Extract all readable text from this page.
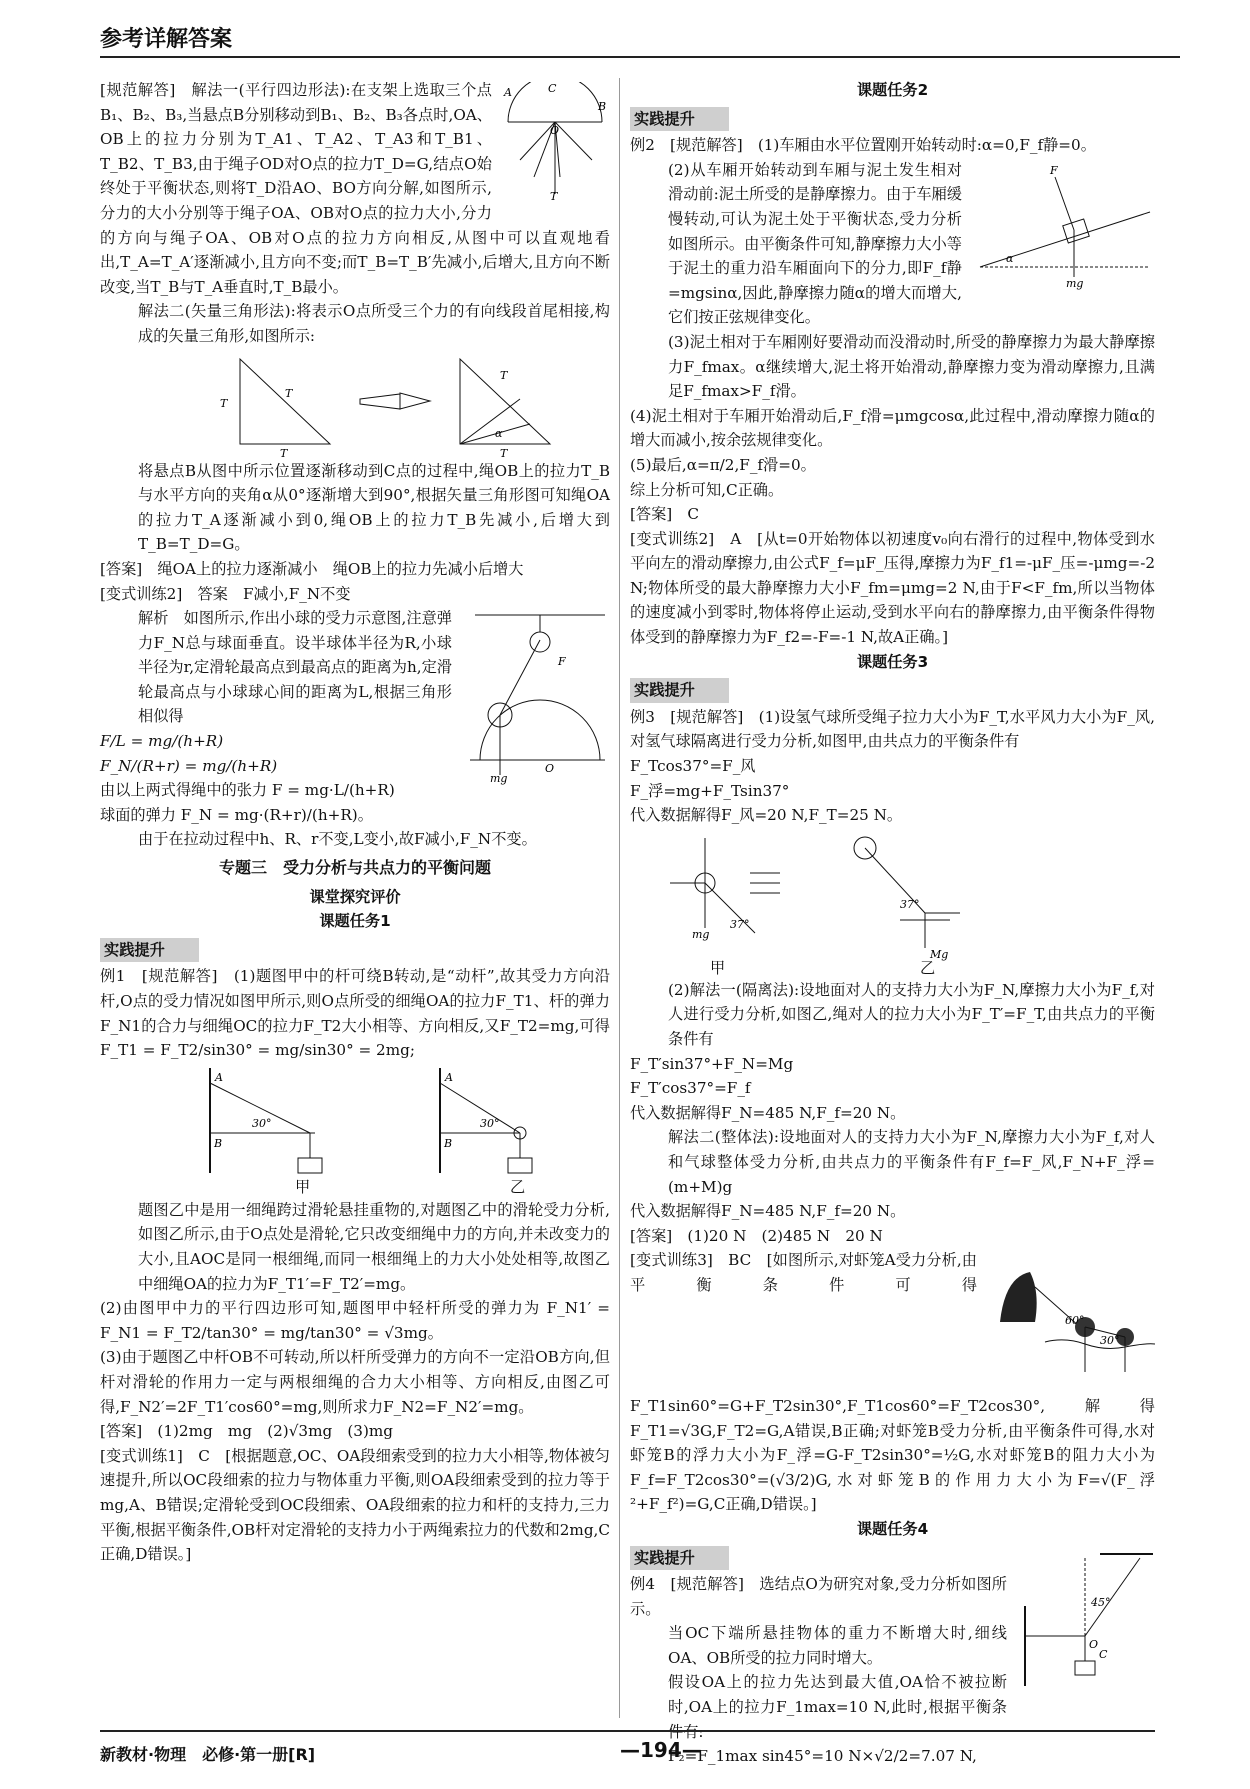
参考详解答案
A	C
B
O
T

[规范解答]　解法一(平行四边形法):在支架上选取三个点B₁、B₂、B₃,当悬点B分别移动到B₁、B₂、B₃各点时,OA、OB上的拉力分别为T_A1、T_A2、T_A3和T_B1、T_B2、T_B3,由于绳子OD对O点的拉力T_D=G,结点O始终处于平衡状态,则将T_D沿AO、BO方向分解,如图所示,分力的大小分别等于绳子OA、OB对O点的拉力大小,分力的方向与绳子OA、OB对O点的拉力方向相反,从图中可以直观地看出,T_A=T_A′逐渐减小,且方向不变;而T_B=T_B′先减小,后增大,且方向不断改变,当T_B与T_A垂直时,T_B最小。

解法二(矢量三角形法):将表示O点所受三个力的有向线段首尾相接,构成的矢量三角形,如图所示:

T
T
T
T
T
α

将悬点B从图中所示位置逐渐移动到C点的过程中,绳OB上的拉力T_B与水平方向的夹角α从0°逐渐增大到90°,根据矢量三角形图可知绳OA的拉力T_A逐渐减小到0,绳OB上的拉力T_B先减小,后增大到T_B=T_D=G。

[答案]　绳OA上的拉力逐渐减小　绳OB上的拉力先减小后增大

[变式训练2]　答案　F减小,F_N不变

mg
O
F

解析　如图所示,作出小球的受力示意图,注意弹力F_N总与球面垂直。设半球体半径为R,小球半径为r,定滑轮最高点到最高点的距离为h,定滑轮最高点与小球球心间的距离为L,根据三角形相似得

F/L = mg/(h+R)

F_N/(R+r) = mg/(h+R)

由以上两式得绳中的张力 F = mg·L/(h+R)

球面的弹力 F_N = mg·(R+r)/(h+R)。

由于在拉动过程中h、R、r不变,L变小,故F减小,F_N不变。

专题三　受力分析与共点力的平衡问题

课堂探究评价

课题任务1

实践提升

例1　[规范解答]　(1)题图甲中的杆可绕B转动,是“动杆”,故其受力方向沿杆,O点的受力情况如图甲所示,则O点所受的细绳OA的拉力F_T1、杆的弹力F_N1的合力与细绳OC的拉力F_T2大小相等、方向相反,又F_T2=mg,可得 F_T1 = F_T2/sin30° = mg/sin30° = 2mg;

A
B
30°
A
B
30°
甲	乙

题图乙中是用一细绳跨过滑轮悬挂重物的,对题图乙中的滑轮受力分析,如图乙所示,由于O点处是滑轮,它只改变细绳中力的方向,并未改变力的大小,且AOC是同一根细绳,而同一根细绳上的力大小处处相等,故图乙中细绳OA的拉力为F_T1′=F_T2′=mg。

(2)由图甲中力的平行四边形可知,题图甲中轻杆所受的弹力为 F_N1′ = F_N1 = F_T2/tan30° = mg/tan30° = √3mg。

(3)由于题图乙中杆OB不可转动,所以杆所受弹力的方向不一定沿OB方向,但杆对滑轮的作用力一定与两根细绳的合力大小相等、方向相反,由图乙可得,F_N2′=2F_T1′cos60°=mg,则所求力F_N2=F_N2′=mg。

[答案]　(1)2mg　mg　(2)√3mg　(3)mg

[变式训练1]　C　[根据题意,OC、OA段细索受到的拉力大小相等,物体被匀速提升,所以OC段细索的拉力与物体重力平衡,则OA段细索受到的拉力等于mg,A、B错误;定滑轮受到OC段细索、OA段细索的拉力和杆的支持力,三力平衡,根据平衡条件,OB杆对定滑轮的支持力小于两绳索拉力的代数和2mg,C正确,D错误。]

课题任务2

实践提升

例2　[规范解答]　(1)车厢由水平位置刚开始转动时:α=0,F_f静=0。

F
mg
α

(2)从车厢开始转动到车厢与泥土发生相对滑动前:泥土所受的是静摩擦力。由于车厢缓慢转动,可认为泥土处于平衡状态,受力分析如图所示。由平衡条件可知,静摩擦力大小等于泥土的重力沿车厢面向下的分力,即F_f静=mgsinα,因此,静摩擦力随α的增大而增大,它们按正弦规律变化。

(3)泥土相对于车厢刚好要滑动而没滑动时,所受的静摩擦力为最大静摩擦力F_fmax。α继续增大,泥土将开始滑动,静摩擦力变为滑动摩擦力,且满足F_fmax>F_f滑。

(4)泥土相对于车厢开始滑动后,F_f滑=μmgcosα,此过程中,滑动摩擦力随α的增大而减小,按余弦规律变化。

(5)最后,α=π/2,F_f滑=0。

综上分析可知,C正确。

[答案]　C

[变式训练2]　A　[从t=0开始物体以初速度v₀向右滑行的过程中,物体受到水平向左的滑动摩擦力,由公式F_f=μF_压得,摩擦力为F_f1=-μF_压=-μmg=-2 N;物体所受的最大静摩擦力大小F_fm=μmg=2 N,由于F<F_fm,所以当物体的速度减小到零时,物体将停止运动,受到水平向右的静摩擦力,由平衡条件得物体受到的静摩擦力为F_f2=-F=-1 N,故A正确。]

课题任务3

实践提升

例3　[规范解答]　(1)设氢气球所受绳子拉力大小为F_T,水平风力大小为F_风,对氢气球隔离进行受力分析,如图甲,由共点力的平衡条件有

F_Tcos37°=F_风

F_浮=mg+F_Tsin37°

代入数据解得F_风=20 N,F_T=25 N。

mg
37°
37°
Mg
甲	乙

(2)解法一(隔离法):设地面对人的支持力大小为F_N,摩擦力大小为F_f,对人进行受力分析,如图乙,绳对人的拉力大小为F_T′=F_T,由共点力的平衡条件有

F_T′sin37°+F_N=Mg

F_T′cos37°=F_f

代入数据解得F_N=485 N,F_f=20 N。

解法二(整体法):设地面对人的支持力大小为F_N,摩擦力大小为F_f,对人和气球整体受力分析,由共点力的平衡条件有F_f=F_风,F_N+F_浮=(m+M)g

代入数据解得F_N=485 N,F_f=20 N。

[答案]　(1)20 N　(2)485 N　20 N

60°
30°

[变式训练3]　BC　[如图所示,对虾笼A受力分析,由平衡条件可得F_T1sin60°=G+F_T2sin30°,F_T1cos60°=F_T2cos30°,解得F_T1=√3G,F_T2=G,A错误,B正确;对虾笼B受力分析,由平衡条件可得,水对虾笼B的浮力大小为F_浮=G-F_T2sin30°=½G,水对虾笼B的阻力大小为F_f=F_T2cos30°=(√3/2)G,水对虾笼B的作用力大小为F=√(F_浮²+F_f²)=G,C正确,D错误。]

课题任务4

实践提升
45°
O
C

例4　[规范解答]　选结点O为研究对象,受力分析如图所示。

当OC下端所悬挂物体的重力不断增大时,细线OA、OB所受的拉力同时增大。

假设OA上的拉力先达到最大值,OA恰不被拉断时,OA上的拉力F_1max=10 N,此时,根据平衡条件有:

F₂=F_1max sin45°=10 N×√2/2=7.07 N,

新教材·物理　必修·第一册[R]	—194—
